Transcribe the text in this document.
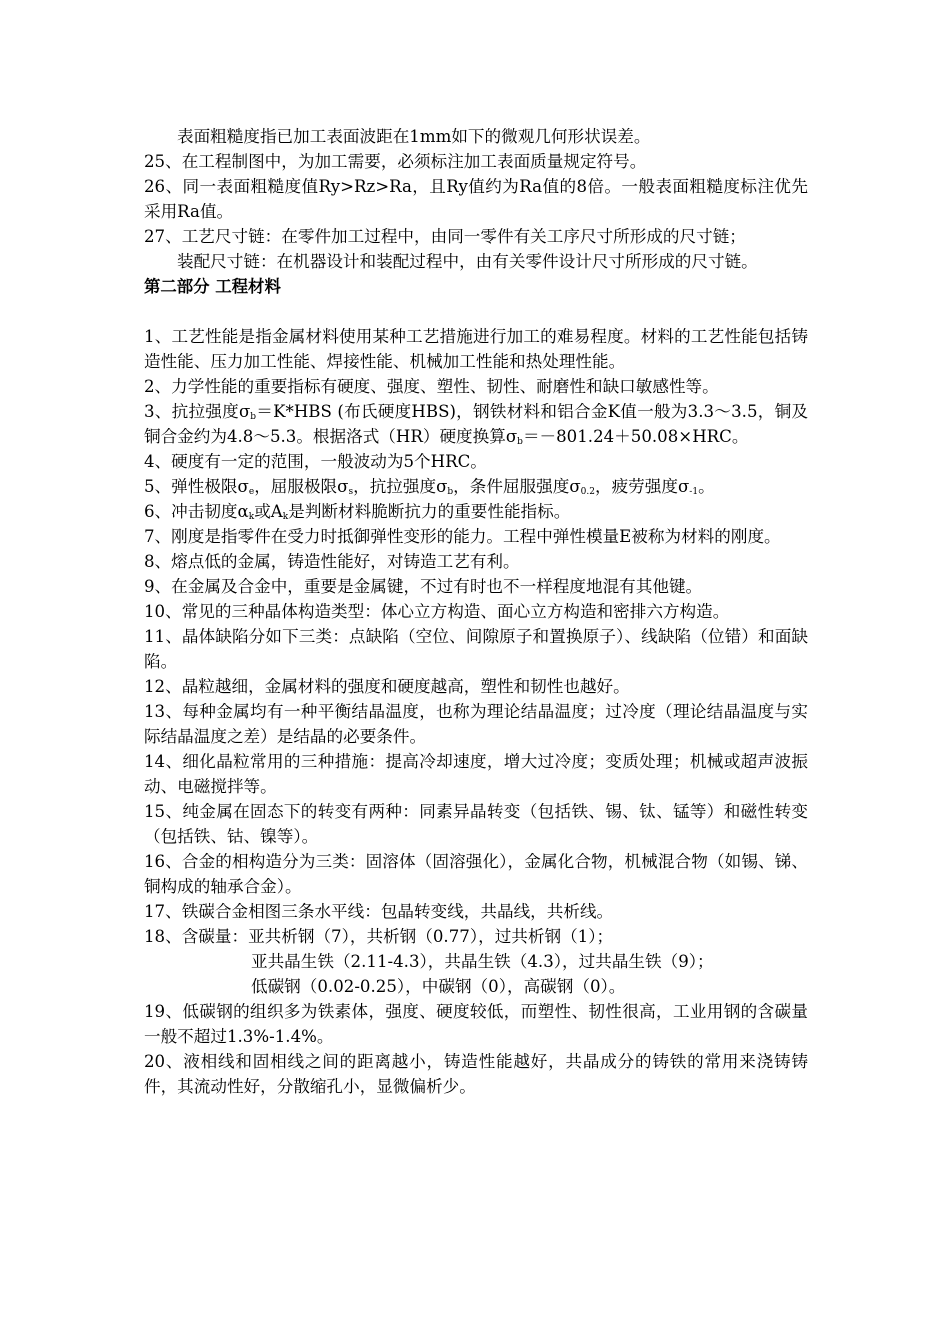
表面粗糙度指已加工表面波距在1mm如下的微观几何形状误差。

25、在工程制图中，为加工需要，必须标注加工表面质量规定符号。

26、同一表面粗糙度值Ry>Rz>Ra，且Ry值约为Ra值的8倍。一般表面粗糙度标注优先采用Ra值。

27、工艺尺寸链：在零件加工过程中，由同一零件有关工序尺寸所形成的尺寸链；

装配尺寸链：在机器设计和装配过程中，由有关零件设计尺寸所形成的尺寸链。

第二部分 工程材料

1、工艺性能是指金属材料使用某种工艺措施进行加工的难易程度。材料的工艺性能包括铸造性能、压力加工性能、焊接性能、机械加工性能和热处理性能。

2、力学性能的重要指标有硬度、强度、塑性、韧性、耐磨性和缺口敏感性等。

3、抗拉强度$\sigma_b=K*HBS$ (布氏硬度HBS)，钢铁材料和铝合金K值一般为3.3～3.5，铜及铜合金约为4.8～5.3。根据洛式（HR）硬度换算$\sigma_b=-801.24+50.08\times HRC$。

4、硬度有一定的范围，一般波动为5个HRC。

5、弹性极限$\sigma_e$，屈服极限$\sigma_s$，抗拉强度$\sigma_b$，条件屈服强度$\sigma_{0.2}$，疲劳强度$\sigma_{-1}$。

6、冲击韧度$\alpha_k$或$A_k$是判断材料脆断抗力的重要性能指标。

7、刚度是指零件在受力时抵御弹性变形的能力。工程中弹性模量E被称为材料的刚度。

8、熔点低的金属，铸造性能好，对铸造工艺有利。

9、在金属及合金中，重要是金属键，不过有时也不一样程度地混有其他键。

10、常见的三种晶体构造类型：体心立方构造、面心立方构造和密排六方构造。

11、晶体缺陷分如下三类：点缺陷（空位、间隙原子和置换原子）、线缺陷（位错）和面缺陷。

12、晶粒越细，金属材料的强度和硬度越高，塑性和韧性也越好。

13、每种金属均有一种平衡结晶温度，也称为理论结晶温度；过冷度（理论结晶温度与实际结晶温度之差）是结晶的必要条件。

14、细化晶粒常用的三种措施：提高冷却速度，增大过冷度；变质处理；机械或超声波振动、电磁搅拌等。

15、纯金属在固态下的转变有两种：同素异晶转变（包括铁、锡、钛、锰等）和磁性转变（包括铁、钴、镍等）。

16、合金的相构造分为三类：固溶体（固溶强化），金属化合物，机械混合物（如锡、锑、铜构成的轴承合金）。

17、铁碳合金相图三条水平线：包晶转变线，共晶线，共析线。

18、含碳量：亚共析钢（7），共析钢（0.77），过共析钢（1）；

亚共晶生铁（2.11-4.3），共晶生铁（4.3），过共晶生铁（9）；

低碳钢（0.02-0.25），中碳钢（0），高碳钢（0）。

19、低碳钢的组织多为铁素体，强度、硬度较低，而塑性、韧性很高，工业用钢的含碳量一般不超过1.3%-1.4%。

20、液相线和固相线之间的距离越小，铸造性能越好，共晶成分的铸铁的常用来浇铸铸件，其流动性好，分散缩孔小，显微偏析少。
